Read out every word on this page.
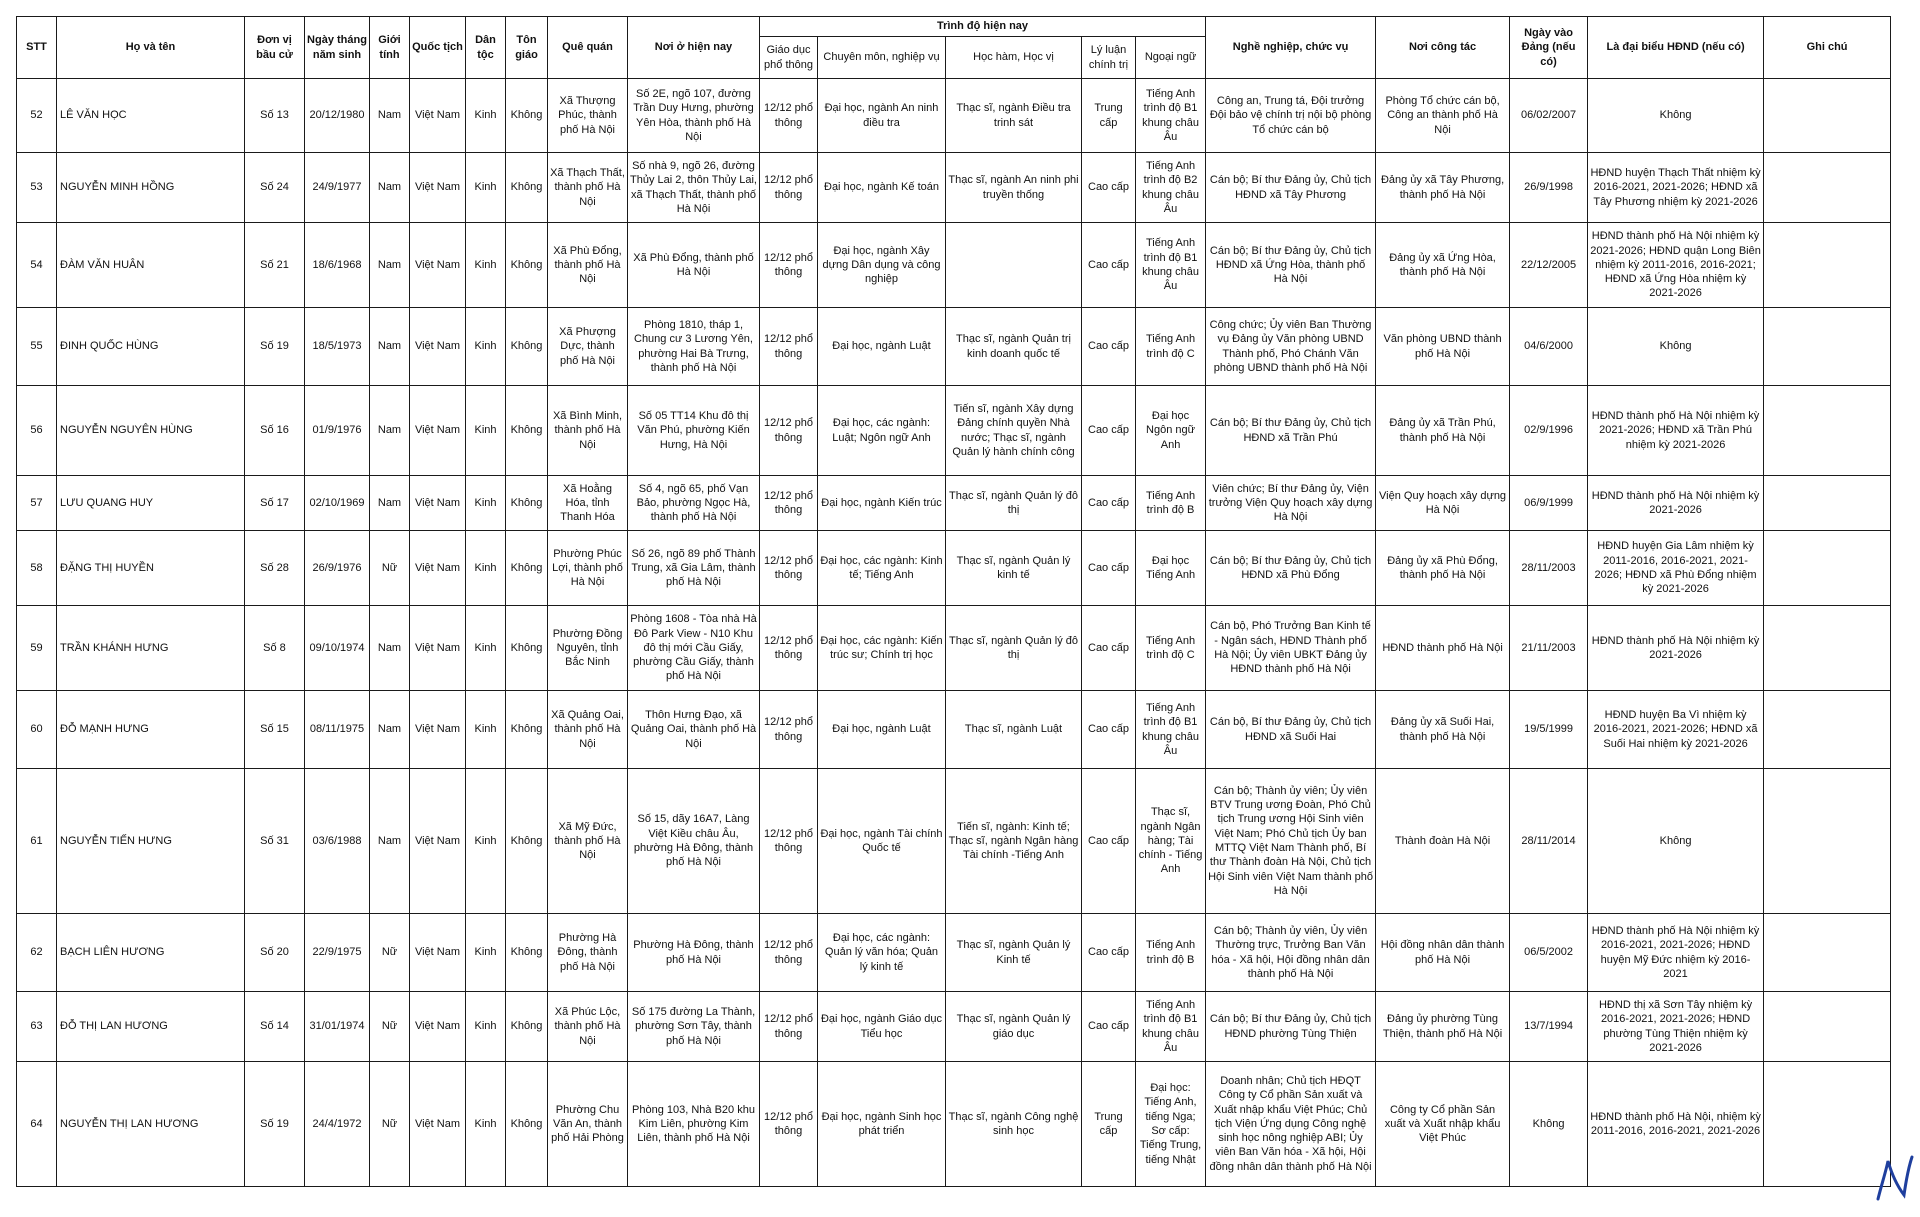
STT	Họ và tên	Đơn vị bầu cử	Ngày tháng năm sinh	Giới tính	Quốc tịch	Dân tộc	Tôn giáo	Quê quán	Nơi ở hiện nay	Trình độ hiện nay					Nghề nghiệp, chức vụ	Nơi công tác	Ngày vào Đảng (nếu có)	Là đại biểu HĐND (nếu có)	Ghi chú
										Giáo dục phổ thông	Chuyên môn, nghiệp vụ	Học hàm, Học vị	Lý luận chính trị	Ngoại ngữ					
52	LÊ VĂN HỌC	Số 13	20/12/1980	Nam	Việt Nam	Kinh	Không	Xã Thượng Phúc, thành phố Hà Nội	Số 2E, ngõ 107, đường Trần Duy Hưng, phường Yên Hòa, thành phố Hà Nội	12/12 phổ thông	Đại học, ngành An ninh điều tra	Thạc sĩ, ngành Điều tra trinh sát	Trung cấp	Tiếng Anh trình độ B1 khung châu Âu	Công an, Trung tá, Đội trưởng Đội bảo vệ chính trị nội bộ phòng Tổ chức cán bộ	Phòng Tổ chức cán bộ, Công an thành phố Hà Nội	06/02/2007	Không	
53	NGUYỄN MINH HỒNG	Số 24	24/9/1977	Nam	Việt Nam	Kinh	Không	Xã Thạch Thất, thành phố Hà Nội	Số nhà 9, ngõ 26, đường Thủy Lai 2, thôn Thủy Lai, xã Thạch Thất, thành phố Hà Nội	12/12 phổ thông	Đại học, ngành Kế toán	Thạc sĩ, ngành An ninh phi truyền thống	Cao cấp	Tiếng Anh trình độ B2 khung châu Âu	Cán bộ; Bí thư Đảng ủy, Chủ tịch HĐND xã Tây Phương	Đảng ủy xã Tây Phương, thành phố Hà Nội	26/9/1998	HĐND huyện Thạch Thất nhiệm kỳ 2016-2021, 2021-2026; HĐND xã Tây Phương nhiệm kỳ 2021-2026	
54	ĐÀM VĂN HUÂN	Số 21	18/6/1968	Nam	Việt Nam	Kinh	Không	Xã Phù Đổng, thành phố Hà Nội	Xã Phù Đổng, thành phố Hà Nội	12/12 phổ thông	Đại học, ngành Xây dựng Dân dụng và công nghiệp		Cao cấp	Tiếng Anh trình độ B1 khung châu Âu	Cán bộ; Bí thư Đảng ủy, Chủ tịch HĐND xã Ứng Hòa, thành phố Hà Nội	Đảng ủy xã Ứng Hòa, thành phố Hà Nội	22/12/2005	HĐND thành phố Hà Nội nhiệm kỳ 2021-2026; HĐND quận Long Biên nhiệm kỳ 2011-2016, 2016-2021; HĐND xã Ứng Hòa nhiệm kỳ 2021-2026	
55	ĐINH QUỐC HÙNG	Số 19	18/5/1973	Nam	Việt Nam	Kinh	Không	Xã Phượng Dực, thành phố Hà Nội	Phòng 1810, tháp 1, Chung cư 3 Lương Yên, phường Hai Bà Trưng, thành phố Hà Nội	12/12 phổ thông	Đại học, ngành Luật	Thạc sĩ, ngành Quản trị kinh doanh quốc tế	Cao cấp	Tiếng Anh trình độ C	Công chức; Ủy viên Ban Thường vụ Đảng ủy Văn phòng UBND Thành phố, Phó Chánh Văn phòng UBND thành phố Hà Nội	Văn phòng UBND thành phố Hà Nội	04/6/2000	Không	
56	NGUYỄN NGUYÊN HÙNG	Số 16	01/9/1976	Nam	Việt Nam	Kinh	Không	Xã Bình Minh, thành phố Hà Nội	Số 05 TT14 Khu đô thị Văn Phú, phường Kiến Hưng, Hà Nội	12/12 phổ thông	Đại học, các ngành: Luật; Ngôn ngữ Anh	Tiến sĩ, ngành Xây dựng Đảng chính quyền Nhà nước; Thạc sĩ, ngành Quản lý hành chính công	Cao cấp	Đại học Ngôn ngữ Anh	Cán bộ; Bí thư Đảng ủy, Chủ tịch HĐND xã Trần Phú	Đảng ủy xã Trần Phú, thành phố Hà Nội	02/9/1996	HĐND thành phố Hà Nội nhiệm kỳ 2021-2026; HĐND xã Trần Phú nhiệm kỳ 2021-2026	
57	LƯU QUANG HUY	Số 17	02/10/1969	Nam	Việt Nam	Kinh	Không	Xã Hoằng Hóa, tỉnh Thanh Hóa	Số 4, ngõ 65, phố Vạn Bảo, phường Ngọc Hà, thành phố Hà Nội	12/12 phổ thông	Đại học, ngành Kiến trúc	Thạc sĩ, ngành Quản lý đô thị	Cao cấp	Tiếng Anh trình độ B	Viên chức; Bí thư Đảng ủy, Viện trưởng Viện Quy hoạch xây dựng Hà Nội	Viện Quy hoạch xây dựng Hà Nội	06/9/1999	HĐND thành phố Hà Nội nhiệm kỳ 2021-2026	
58	ĐẶNG THỊ HUYỀN	Số 28	26/9/1976	Nữ	Việt Nam	Kinh	Không	Phường Phúc Lợi, thành phố Hà Nội	Số 26, ngõ 89 phố Thành Trung, xã Gia Lâm, thành phố Hà Nội	12/12 phổ thông	Đại học, các ngành: Kinh tế; Tiếng Anh	Thạc sĩ, ngành Quản lý kinh tế	Cao cấp	Đại học Tiếng Anh	Cán bộ; Bí thư Đảng ủy, Chủ tịch HĐND xã Phù Đổng	Đảng ủy xã Phù Đổng, thành phố Hà Nội	28/11/2003	HĐND huyện Gia Lâm nhiệm kỳ 2011-2016, 2016-2021, 2021-2026; HĐND xã Phù Đổng nhiệm kỳ 2021-2026	
59	TRẦN KHÁNH HƯNG	Số 8	09/10/1974	Nam	Việt Nam	Kinh	Không	Phường Đồng Nguyên, tỉnh Bắc Ninh	Phòng 1608 - Tòa nhà Hà Đô Park View - N10 Khu đô thị mới Cầu Giấy, phường Cầu Giấy, thành phố Hà Nội	12/12 phổ thông	Đại học, các ngành: Kiến trúc sư; Chính trị học	Thạc sĩ, ngành Quản lý đô thị	Cao cấp	Tiếng Anh trình độ C	Cán bộ, Phó Trưởng Ban Kinh tế - Ngân sách, HĐND Thành phố Hà Nội; Ủy viên UBKT Đảng ủy HĐND thành phố Hà Nội	HĐND thành phố Hà Nội	21/11/2003	HĐND thành phố Hà Nội nhiệm kỳ 2021-2026	
60	ĐỖ MẠNH HƯNG	Số 15	08/11/1975	Nam	Việt Nam	Kinh	Không	Xã Quảng Oai, thành phố Hà Nội	Thôn Hưng Đạo, xã Quảng Oai, thành phố Hà Nội	12/12 phổ thông	Đại học, ngành Luật	Thạc sĩ, ngành Luật	Cao cấp	Tiếng Anh trình độ B1 khung châu Âu	Cán bộ, Bí thư Đảng ủy, Chủ tịch HĐND xã Suối Hai	Đảng ủy xã Suối Hai, thành phố Hà Nội	19/5/1999	HĐND huyện Ba Vì nhiệm kỳ 2016-2021, 2021-2026; HĐND xã Suối Hai nhiệm kỳ 2021-2026	
61	NGUYỄN TIẾN HƯNG	Số 31	03/6/1988	Nam	Việt Nam	Kinh	Không	Xã Mỹ Đức, thành phố Hà Nội	Số 15, dãy 16A7, Làng Việt Kiều châu Âu, phường Hà Đông, thành phố Hà Nội	12/12 phổ thông	Đại học, ngành Tài chính Quốc tế	Tiến sĩ, ngành: Kinh tế; Thạc sĩ, ngành Ngân hàng Tài chính -Tiếng Anh	Cao cấp	Thạc sĩ, ngành Ngân hàng; Tài chính - Tiếng Anh	Cán bộ; Thành ủy viên; Ủy viên BTV Trung ương Đoàn, Phó Chủ tịch Trung ương Hội Sinh viên Việt Nam; Phó Chủ tịch Ủy ban MTTQ Việt Nam Thành phố, Bí thư Thành đoàn Hà Nội, Chủ tịch Hội Sinh viên Việt Nam thành phố Hà Nội	Thành đoàn Hà Nội	28/11/2014	Không	
62	BẠCH LIÊN HƯƠNG	Số 20	22/9/1975	Nữ	Việt Nam	Kinh	Không	Phường Hà Đông, thành phố Hà Nội	Phường Hà Đông, thành phố Hà Nội	12/12 phổ thông	Đại học, các ngành: Quản lý văn hóa; Quản lý kinh tế	Thạc sĩ, ngành Quản lý Kinh tế	Cao cấp	Tiếng Anh trình độ B	Cán bộ; Thành ủy viên, Ủy viên Thường trực, Trưởng Ban Văn hóa - Xã hội, Hội đồng nhân dân thành phố Hà Nội	Hội đồng nhân dân thành phố Hà Nội	06/5/2002	HĐND thành phố Hà Nội nhiệm kỳ 2016-2021, 2021-2026; HĐND huyện Mỹ Đức nhiệm kỳ 2016-2021	
63	ĐỖ THỊ LAN HƯƠNG	Số 14	31/01/1974	Nữ	Việt Nam	Kinh	Không	Xã Phúc Lộc, thành phố Hà Nội	Số 175 đường La Thành, phường Sơn Tây, thành phố Hà Nội	12/12 phổ thông	Đại học, ngành Giáo dục Tiểu học	Thạc sĩ, ngành Quản lý giáo dục	Cao cấp	Tiếng Anh trình độ B1 khung châu Âu	Cán bộ; Bí thư Đảng ủy, Chủ tịch HĐND phường Tùng Thiện	Đảng ủy phường Tùng Thiện, thành phố Hà Nội	13/7/1994	HĐND thị xã Sơn Tây nhiệm kỳ 2016-2021, 2021-2026; HĐND phường Tùng Thiện nhiệm kỳ 2021-2026	
64	NGUYỄN THỊ LAN HƯƠNG	Số 19	24/4/1972	Nữ	Việt Nam	Kinh	Không	Phường Chu Văn An, thành phố Hải Phòng	Phòng 103, Nhà B20 khu Kim Liên, phường Kim Liên, thành phố Hà Nội	12/12 phổ thông	Đại học, ngành Sinh học phát triển	Thạc sĩ, ngành Công nghệ sinh học	Trung cấp	Đại học: Tiếng Anh, tiếng Nga; Sơ cấp: Tiếng Trung, tiếng Nhật	Doanh nhân; Chủ tịch HĐQT Công ty Cổ phần Sản xuất và Xuất nhập khẩu Việt Phúc; Chủ tịch Viện Ứng dụng Công nghệ sinh học nông nghiệp ABI; Ủy viên Ban Văn hóa - Xã hội, Hội đồng nhân dân thành phố Hà Nội	Công ty Cổ phần Sản xuất và Xuất nhập khẩu Việt Phúc	Không	HĐND thành phố Hà Nội, nhiệm kỳ 2011-2016, 2016-2021, 2021-2026	
